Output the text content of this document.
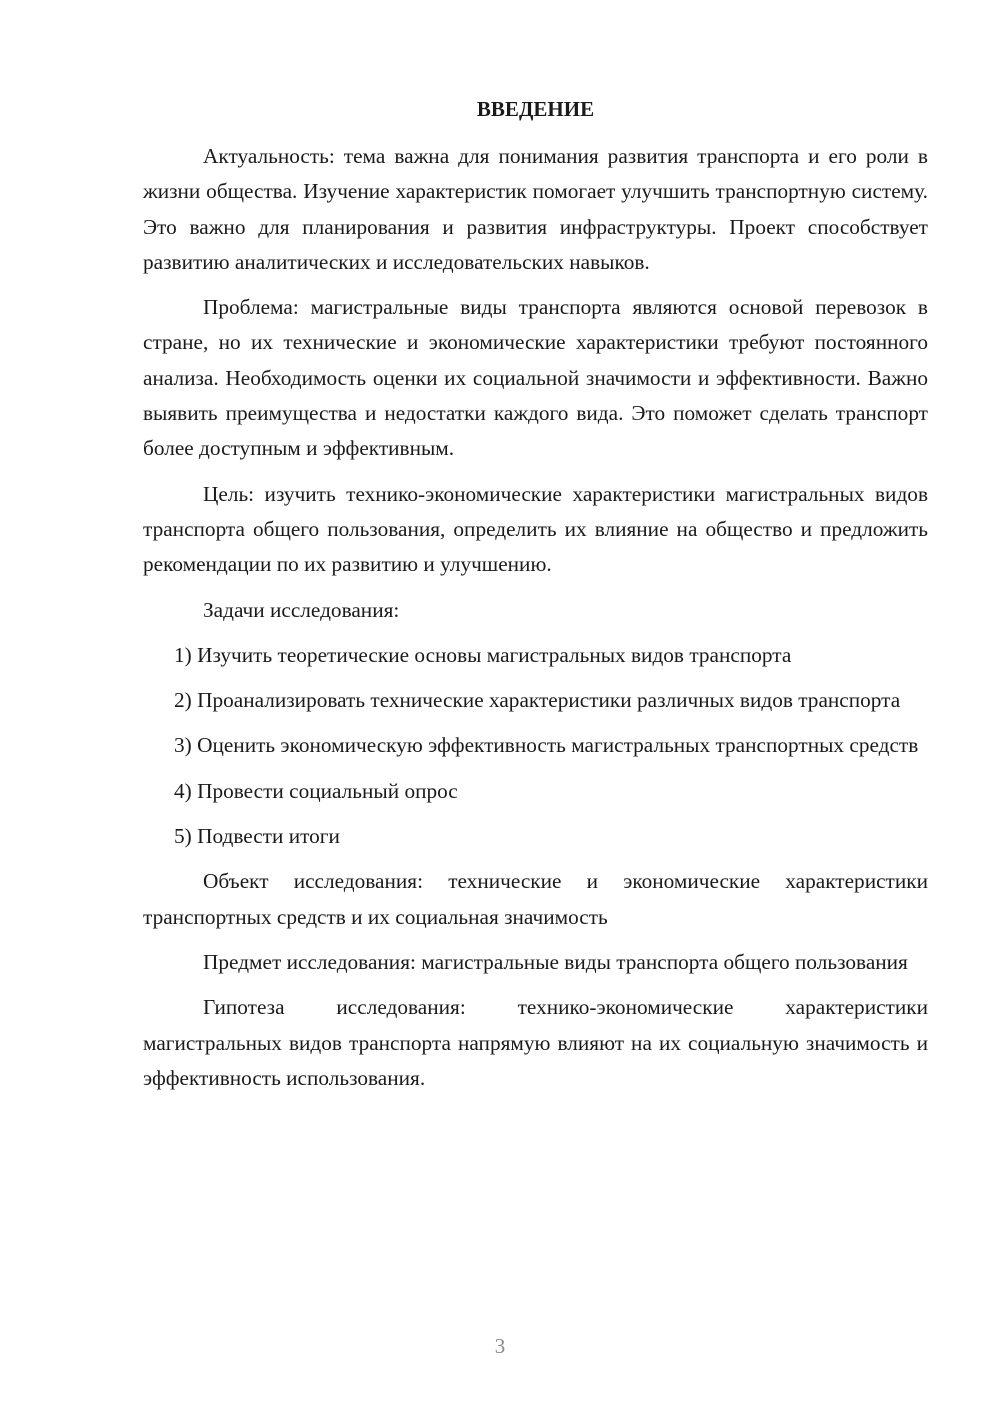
ВВЕДЕНИЕ

Актуальность: тема важна для понимания развития транспорта и его роли в жизни общества. Изучение характеристик помогает улучшить транспортную систему. Это важно для планирования и развития инфраструктуры. Проект способствует развитию аналитических и исследовательских навыков.

Проблема: магистральные виды транспорта являются основой перевозок в стране, но их технические и экономические характеристики требуют постоянного анализа. Необходимость оценки их социальной значимости и эффективности. Важно выявить преимущества и недостатки каждого вида. Это поможет сделать транспорт более доступным и эффективным.

Цель: изучить технико-экономические характеристики магистральных видов транспорта общего пользования, определить их влияние на общество и предложить рекомендации по их развитию и улучшению.

Задачи исследования:

1) Изучить теоретические основы магистральных видов транспорта

2) Проанализировать технические характеристики различных видов транспорта

3) Оценить экономическую эффективность магистральных транспортных средств

4) Провести социальный опрос

5) Подвести итоги

Объект исследования: технические и экономические характеристики транспортных средств и их социальная значимость

Предмет исследования: магистральные виды транспорта общего пользования

Гипотеза исследования: технико-экономические характеристики магистральных видов транспорта напрямую влияют на их социальную значимость и эффективность использования.

3
